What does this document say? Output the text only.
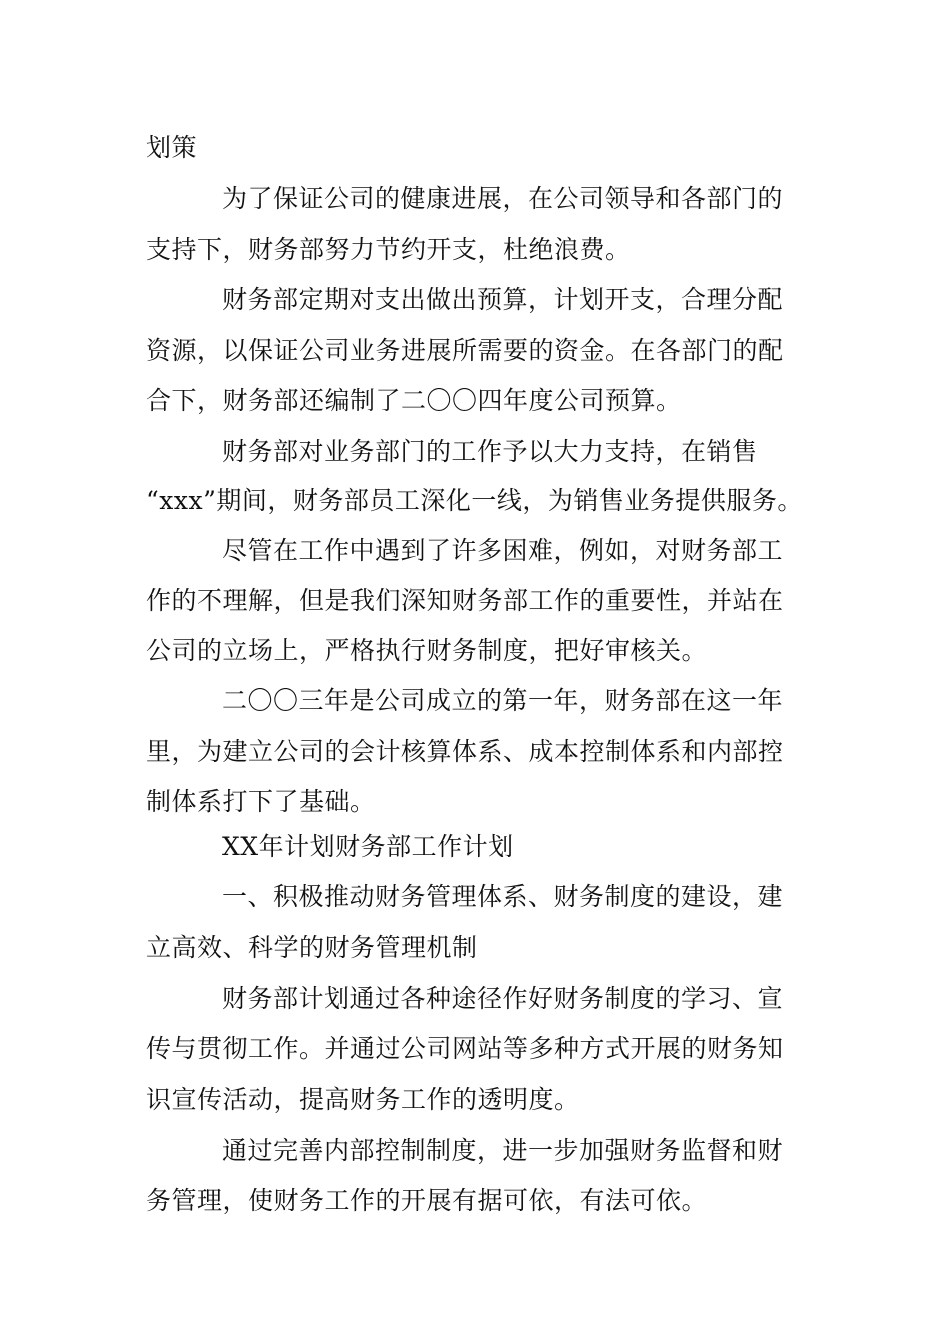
划策
为了保证公司的健康进展，在公司领导和各部门的
支持下，财务部努力节约开支，杜绝浪费。
财务部定期对支出做出预算，计划开支，合理分配
资源，以保证公司业务进展所需要的资金。在各部门的配
合下，财务部还编制了二〇〇四年度公司预算。
财务部对业务部门的工作予以大力支持，在销售
“xxx”期间，财务部员工深化一线，为销售业务提供服务。
尽管在工作中遇到了许多困难，例如，对财务部工
作的不理解，但是我们深知财务部工作的重要性，并站在
公司的立场上，严格执行财务制度，把好审核关。
二〇〇三年是公司成立的第一年，财务部在这一年
里，为建立公司的会计核算体系、成本控制体系和内部控
制体系打下了基础。
XX年计划财务部工作计划
一、积极推动财务管理体系、财务制度的建设，建
立高效、科学的财务管理机制
财务部计划通过各种途径作好财务制度的学习、宣
传与贯彻工作。并通过公司网站等多种方式开展的财务知
识宣传活动，提高财务工作的透明度。
通过完善内部控制制度，进一步加强财务监督和财
务管理，使财务工作的开展有据可依，有法可依。
